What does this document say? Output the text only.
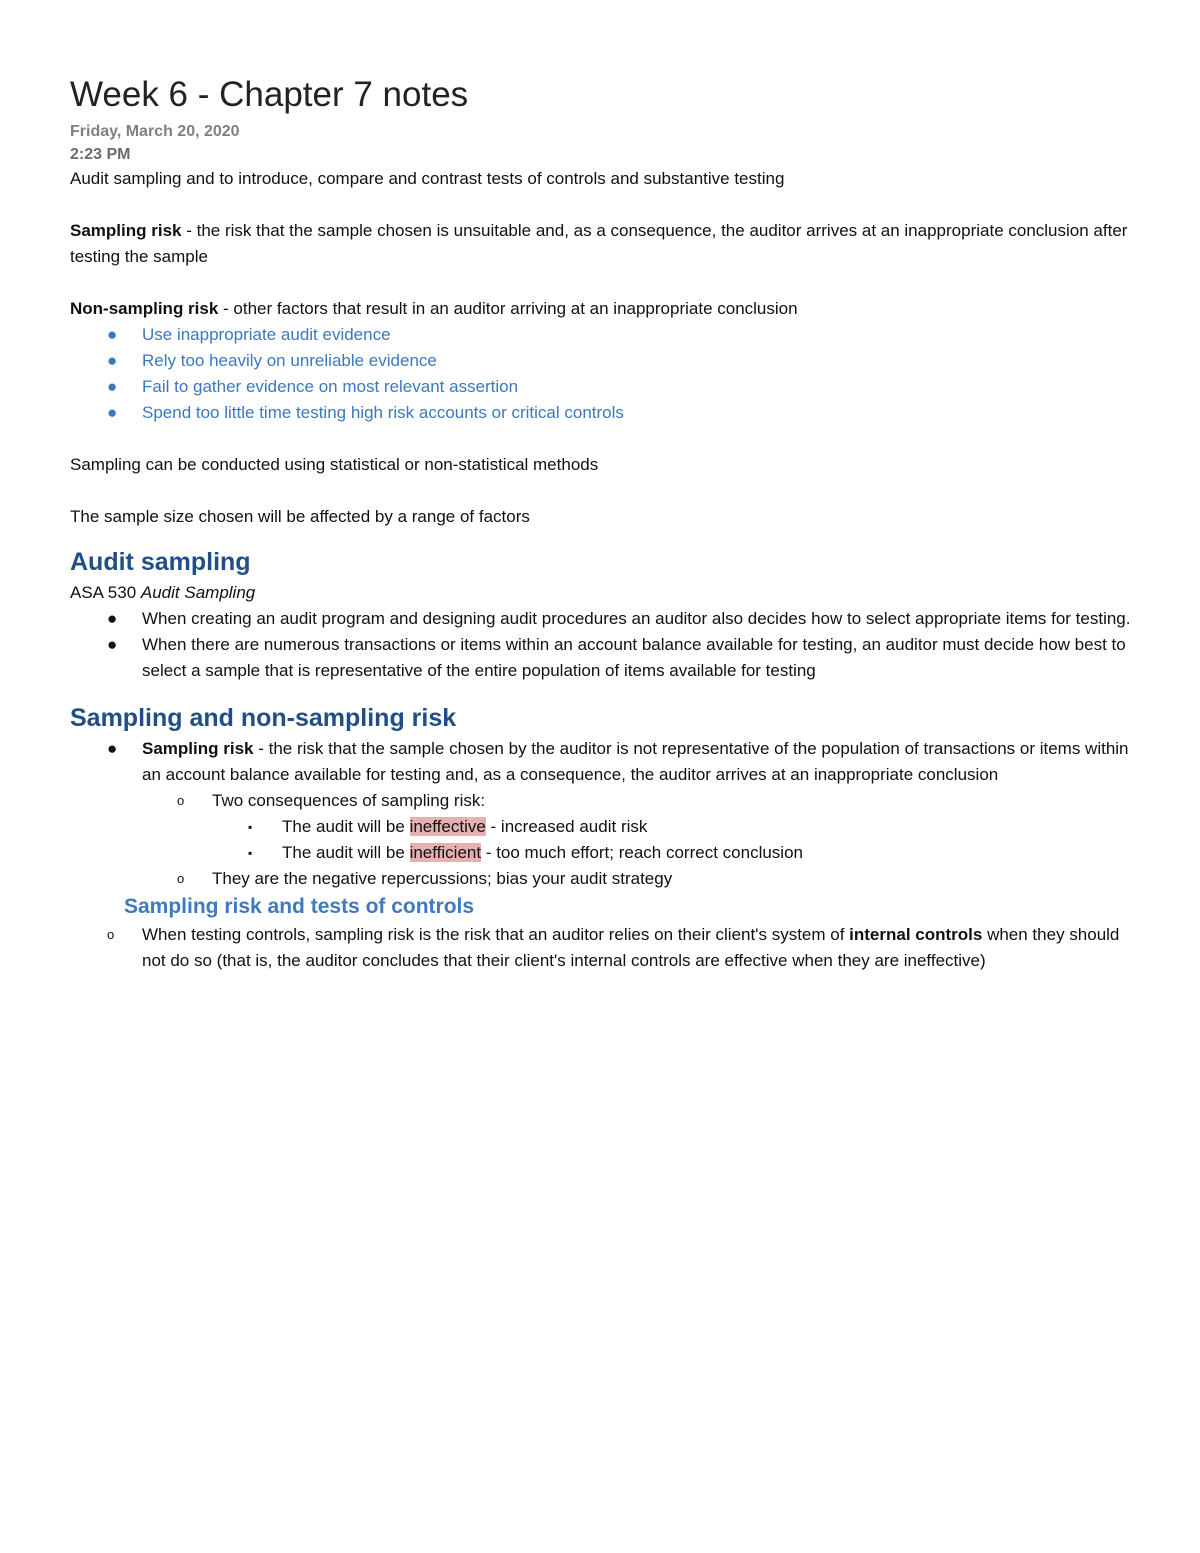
Week 6 - Chapter 7 notes
Friday, March 20, 2020
2:23 PM

Audit sampling and to introduce, compare and contrast tests of controls and substantive testing

Sampling risk - the risk that the sample chosen is unsuitable and, as a consequence, the auditor arrives at an inappropriate conclusion after testing the sample

Non-sampling risk - other factors that result in an auditor arriving at an inappropriate conclusion

● Use inappropriate audit evidence
● Rely too heavily on unreliable evidence
● Fail to gather evidence on most relevant assertion
● Spend too little time testing high risk accounts or critical controls

Sampling can be conducted using statistical or non-statistical methods

The sample size chosen will be affected by a range of factors

Audit sampling

ASA 530 Audit Sampling

● When creating an audit program and designing audit procedures an auditor also decides how to select appropriate items for testing.
● When there are numerous transactions or items within an account balance available for testing, an auditor must decide how best to select a sample that is representative of the entire population of items available for testing
Sampling and non-sampling risk
● Sampling risk - the risk that the sample chosen by the auditor is not representative of the population of transactions or items within an account balance available for testing and, as a consequence, the auditor arrives at an inappropriate conclusion
o Two consequences of sampling risk:
▪ The audit will be ineffective - increased audit risk
▪ The audit will be inefficient - too much effort; reach correct conclusion
o They are the negative repercussions; bias your audit strategy
Sampling risk and tests of controls
o When testing controls, sampling risk is the risk that an auditor relies on their client's system of internal controls when they should not do so (that is, the auditor concludes that their client's internal controls are effective when they are ineffective)
